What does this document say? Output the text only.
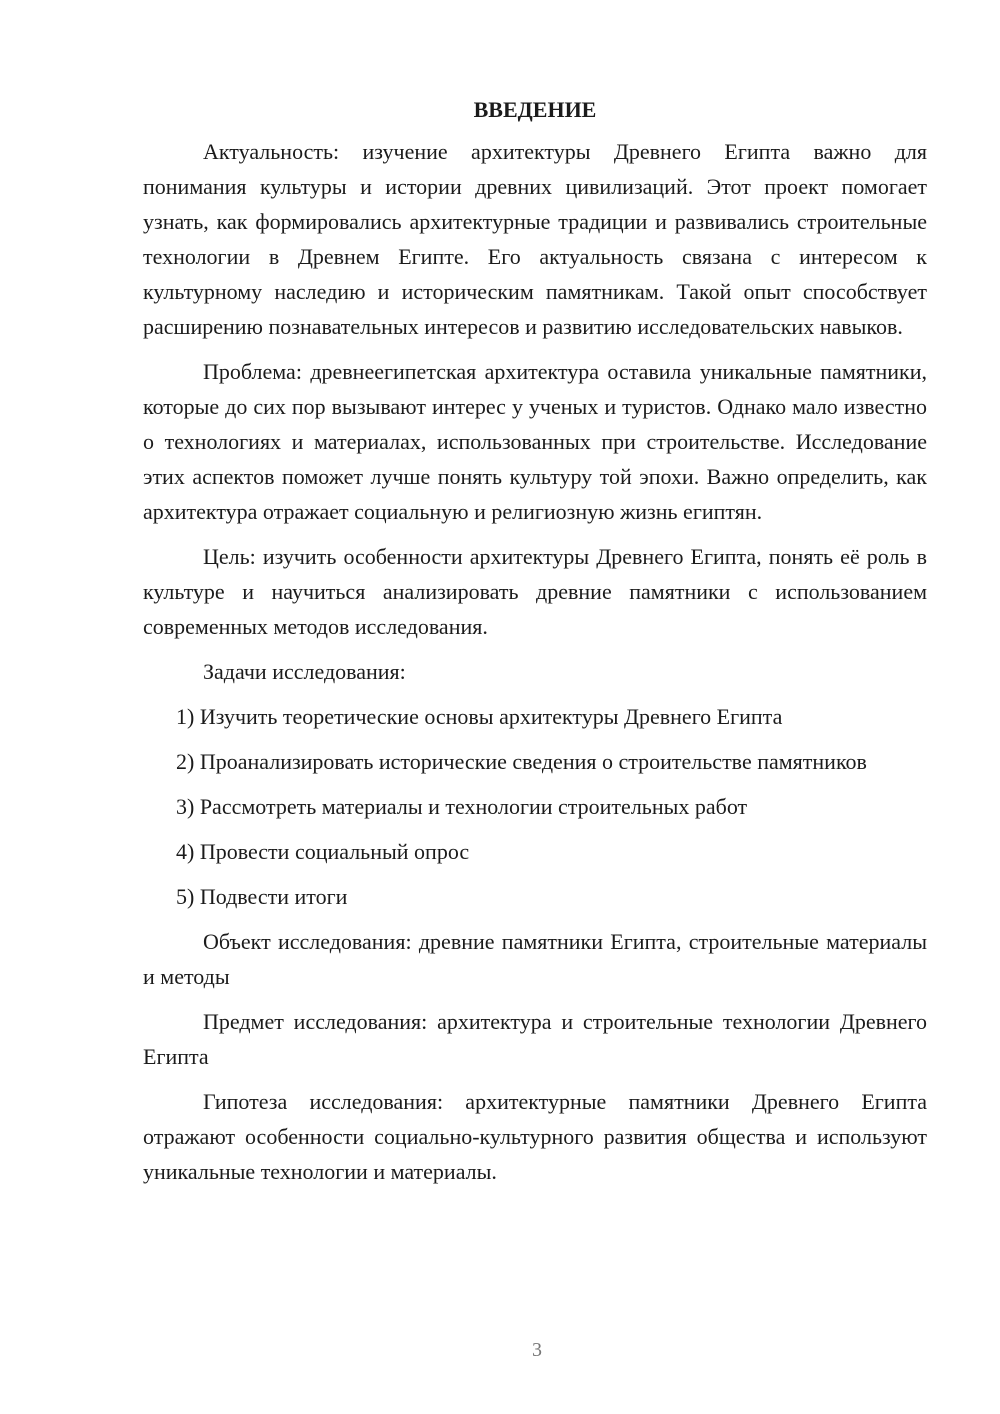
ВВЕДЕНИЕ

Актуальность: изучение архитектуры Древнего Египта важно для понимания культуры и истории древних цивилизаций. Этот проект помогает узнать, как формировались архитектурные традиции и развивались строительные технологии в Древнем Египте. Его актуальность связана с интересом к культурному наследию и историческим памятникам. Такой опыт способствует расширению познавательных интересов и развитию исследовательских навыков.

Проблема: древнеегипетская архитектура оставила уникальные памятники, которые до сих пор вызывают интерес у ученых и туристов. Однако мало известно о технологиях и материалах, использованных при строительстве. Исследование этих аспектов поможет лучше понять культуру той эпохи. Важно определить, как архитектура отражает социальную и религиозную жизнь египтян.

Цель: изучить особенности архитектуры Древнего Египта, понять её роль в культуре и научиться анализировать древние памятники с использованием современных методов исследования.

Задачи исследования:

1) Изучить теоретические основы архитектуры Древнего Египта

2) Проанализировать исторические сведения о строительстве памятников

3) Рассмотреть материалы и технологии строительных работ

4) Провести социальный опрос

5) Подвести итоги

Объект исследования: древние памятники Египта, строительные материалы и методы

Предмет исследования: архитектура и строительные технологии Древнего Египта

Гипотеза исследования: архитектурные памятники Древнего Египта отражают особенности социально-культурного развития общества и используют уникальные технологии и материалы.

3
